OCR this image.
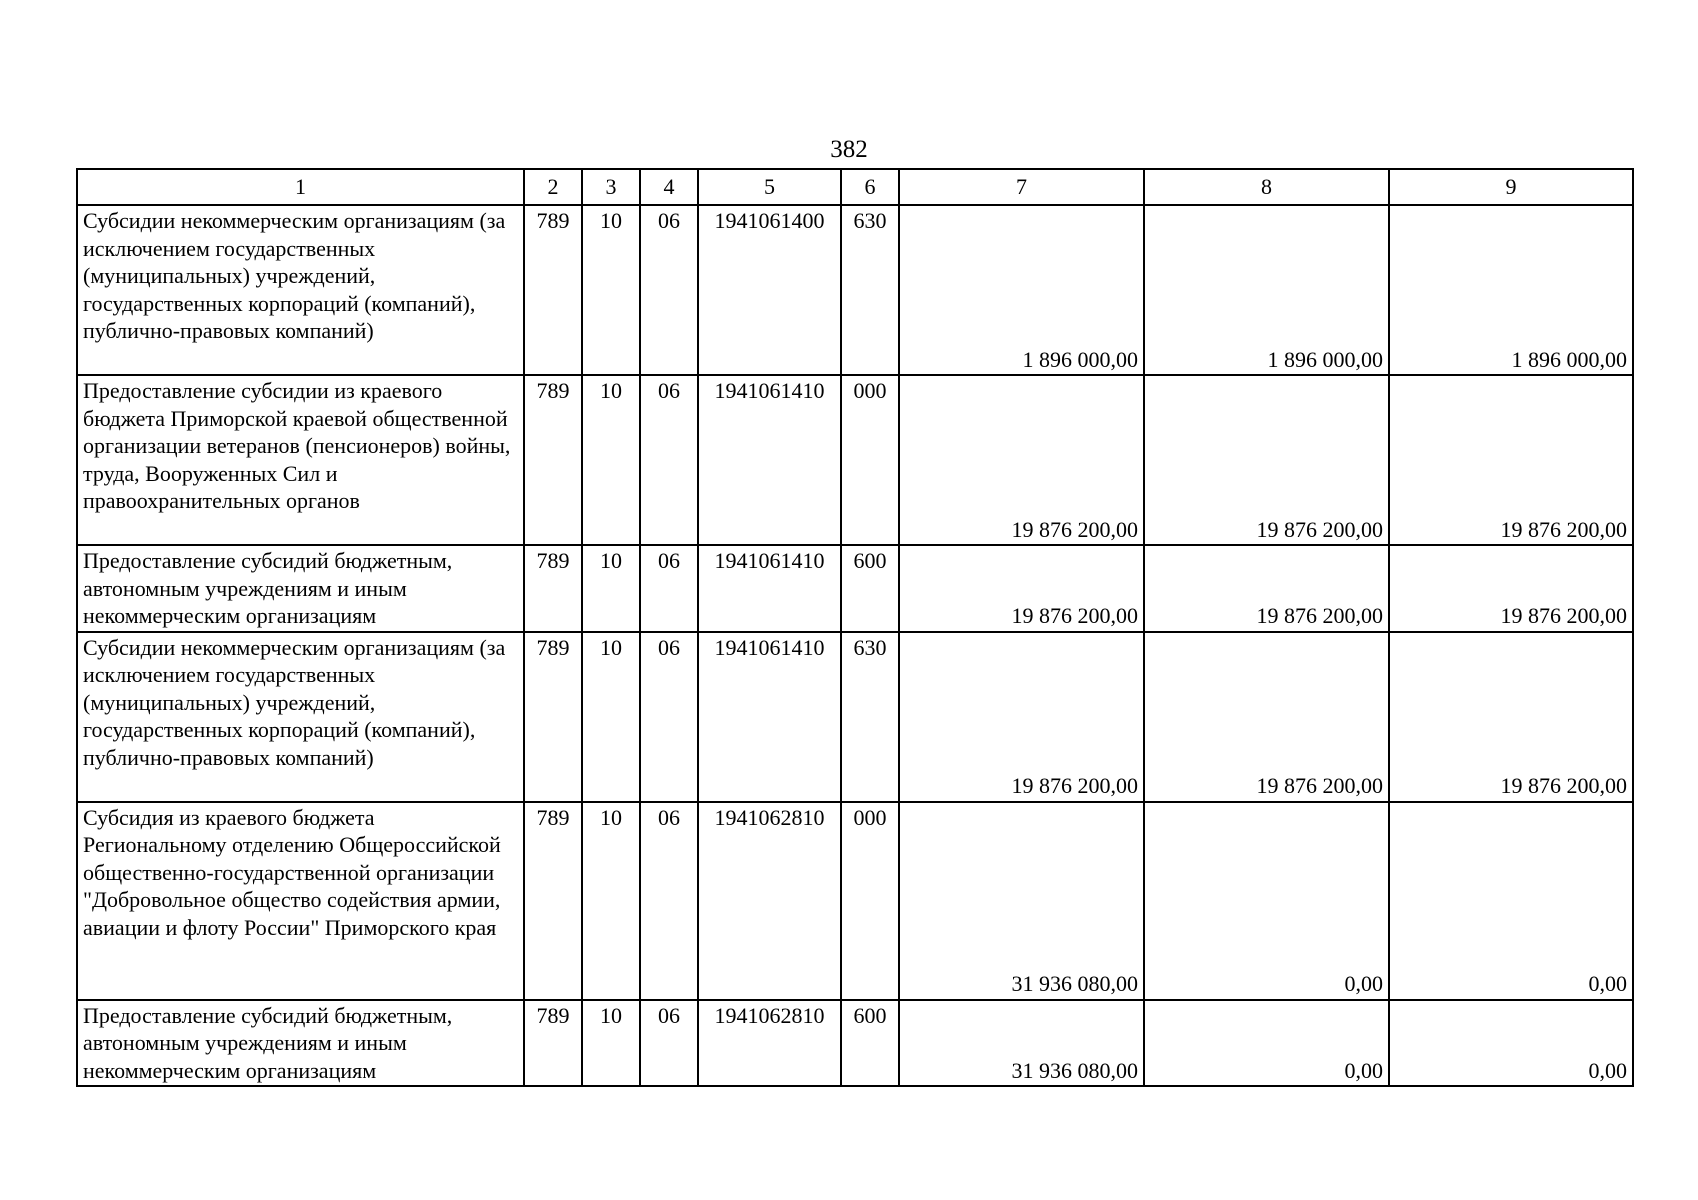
382
1	2	3	4	5	6	7	8	9
Субсидии некоммерческим организациям (за исключением государственных (муниципальных) учреждений, государственных корпораций (компаний), публично-правовых компаний)	789	10	06	1941061400	630	1 896 000,00	1 896 000,00	1 896 000,00
Предоставление субсидии из краевого бюджета Приморской краевой общественной организации ветеранов (пенсионеров) войны, труда, Вооруженных Сил и правоохранительных органов	789	10	06	1941061410	000	19 876 200,00	19 876 200,00	19 876 200,00
Предоставление субсидий бюджетным, автономным учреждениям и иным некоммерческим организациям	789	10	06	1941061410	600	19 876 200,00	19 876 200,00	19 876 200,00
Субсидии некоммерческим организациям (за исключением государственных (муниципальных) учреждений, государственных корпораций (компаний), публично-правовых компаний)	789	10	06	1941061410	630	19 876 200,00	19 876 200,00	19 876 200,00
Субсидия из краевого бюджета Региональному отделению Общероссийской общественно-государственной организации "Добровольное общество содействия армии, авиации и флоту России" Приморского края	789	10	06	1941062810	000	31 936 080,00	0,00	0,00
Предоставление субсидий бюджетным, автономным учреждениям и иным некоммерческим организациям	789	10	06	1941062810	600	31 936 080,00	0,00	0,00
